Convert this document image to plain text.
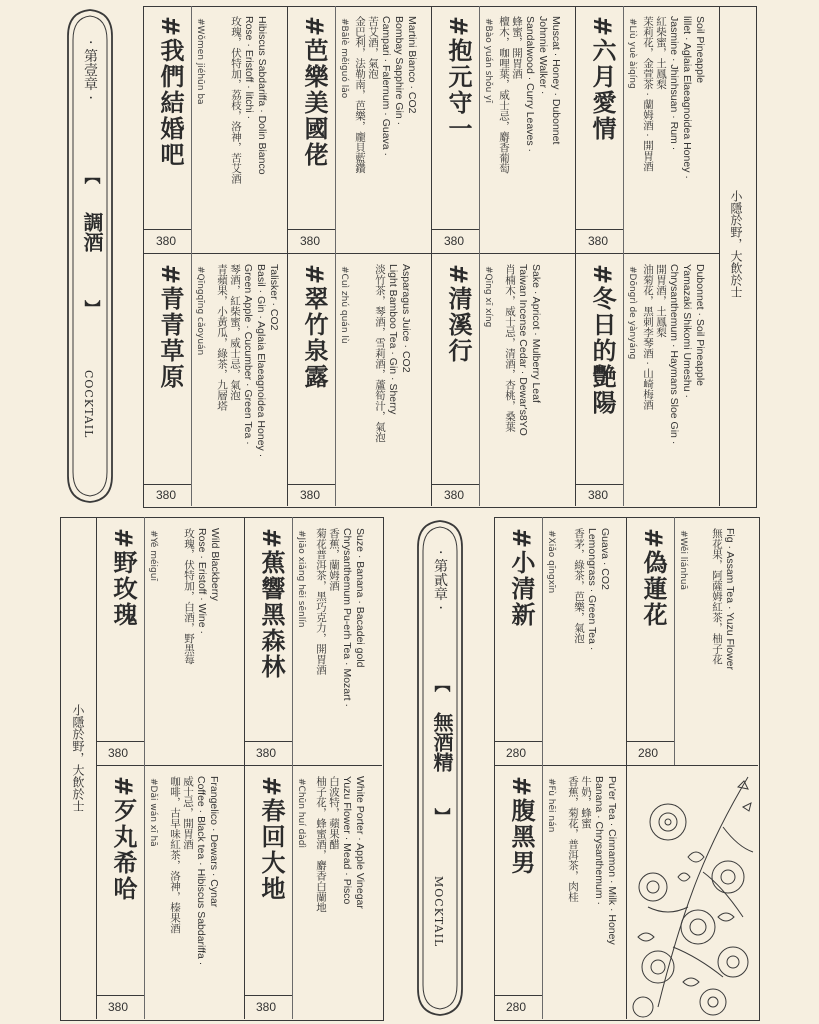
小隱於野，大飲於士
#六月愛情	#Liù yuè àiqíng	Soil Pineapple
lillet · Aglaia Elaeagnoidea Honey ·
Jasmine · Jhinhsuan · Rum ·
紅柴蜜，土鳳梨
茉莉花，金萱茶 · 蘭姆酒 · 開胃酒
380
#冬日的艷陽	#Dōngrì de yànyáng	Dubonnet · Soil Pineapple
Yamazaki Shikomi Umeshu ·
Chrysanthemum · Haymans Sloe Gin ·
開胃酒，土鳳梨
油菊花，黑刺李琴酒 · 山崎梅酒
380
#抱元守一	#Bào yuán shǒu yī	Muscat · Honey · Dubonnet
Johnnie Walker ·
Sandalwood · Curry Leaves ·
蜂蜜，開胃酒
檀木，咖哩葉，威士忌，麝香葡萄
380
#清溪行	#Qīng xī xíng	Sake · Apricot · Mulberry Leaf
Taiwan Incense Cedar · Dewar's8YO
肖楠木，威士忌，清酒，杏桃，桑葉
380
#芭樂美國佬	#Bālè měiguó lǎo	Martini Bianco · CO2
Bombay Sapphire Gin ·
Campari · Falernum · Guava ·
苦艾酒，氣泡
金巴利，法勒南，芭樂，龐貝藍鑽
380
#翠竹泉露	#Cuì zhú quán lù	Asparagus Juice · CO2
Light Bamboo Tea · Gin · Sherry
淡竹茶，琴酒，雪莉酒，蘆筍汁，氣泡
380
#我們結婚吧	#Wǒmen jiéhūn ba	Hibiscus Sabdariffa · Dolin Bianco
Rose · Eristoff · litchi ·
玫瑰，伏特加，荔枝，洛神，苦艾酒
380
#青青草原	#Qīngqīng cǎoyuán	Talisker · CO2
Basil · Gin · Aglaia Elaeagnoidea Honey ·
Green Apple · Cucumber · Green Tea ·
琴酒，紅柴蜜，威士忌，氣泡
青蘋果，小黃瓜，綠茶，九層塔
380
· 第壹章 ·
【
調酒
】
COCKTAIL
#偽蓮花	#Wěi liánhuā	Fig · Assam Tea · Yuzu Flower
無花果，阿薩姆紅茶，柚子花
280
#小清新	#Xiǎo qīngxīn	Guava · CO2
Lemongrass · Green Tea ·
香茅，綠茶，芭樂，氣泡
280
#腹黑男	#Fù hēi nán	Pu'er Tea · Cinnamon · Milk · Honey
Banana · Chrysanthemum ·
牛奶，蜂蜜
香蕉，菊花，普洱茶，肉桂
280
· 第貳章 ·
【
無酒精
】
MOCKTAIL
小隱於野，大飲於士
#蕉響黑森林	#Jiāo xiǎng hēi sēnlín	Suze · Banana · Bacadei gold
Chrysanthemum Pu-erh Tea · Mozart ·
香蕉，蘭姆酒
菊花普洱茶，黑巧克力，開胃酒
380
#春回大地	#Chūn huí dàdì	White Porter · Apple Vinegar
Yuzu Flower · Mead · Pisco
白波特，蘋果醋
柚子花，蜂蜜酒，麝香白蘭地
380
#野玫瑰	#Yě méiguī	Wild Blackberry
Rose · Eristoff · Wine ·
玫瑰，伏特加，白酒，野黑莓
380
#歹丸希哈	#Dǎi wán xī hā	Frangelico · Dewars · Cynar
Coffee · Black tea · Hibiscus Sabdariffa ·
威士忌，開胃酒
咖啡，古早味紅茶，洛神，榛果酒
380
